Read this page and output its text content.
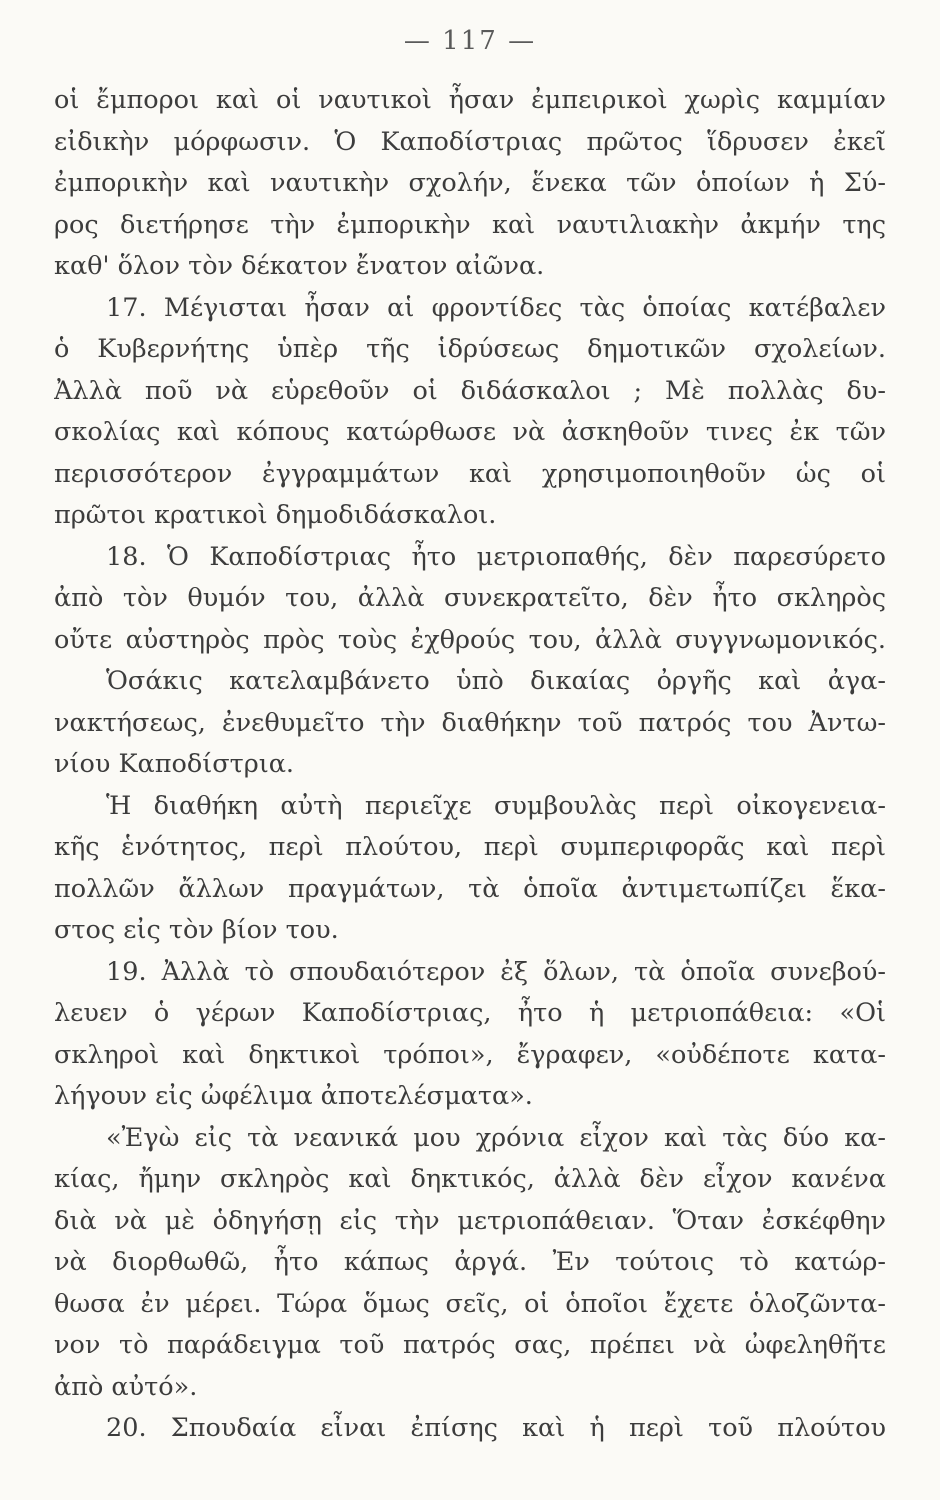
— 117 —
οἱ ἔμποροι καὶ οἱ ναυτικοὶ ἦσαν ἐμπειρικοὶ χωρὶς καμμίαν
εἰδικὴν μόρφωσιν. Ὁ Καποδίστριας πρῶτος ἵδρυσεν ἐκεῖ
ἐμπορικὴν καὶ ναυτικὴν σχολήν, ἕνεκα τῶν ὁποίων ἡ Σύ-
ρος διετήρησε τὴν ἐμπορικὴν καὶ ναυτιλιακὴν ἀκμήν της
καθ' ὅλον τὸν δέκατον ἔνατον αἰῶνα.
17. Μέγισται ἦσαν αἱ φροντίδες τὰς ὁποίας κατέβαλεν
ὁ Κυβερνήτης ὑπὲρ τῆς ἱδρύσεως δημοτικῶν σχολείων.
Ἀλλὰ ποῦ νὰ εὑρεθοῦν οἱ διδάσκαλοι ; Μὲ πολλὰς δυ-
σκολίας καὶ κόπους κατώρθωσε νὰ ἀσκηθοῦν τινες ἐκ τῶν
περισσότερον ἐγγραμμάτων καὶ χρησιμοποιηθοῦν ὡς οἱ
πρῶτοι κρατικοὶ δημοδιδάσκαλοι.
18. Ὁ Καποδίστριας ἦτο μετριοπαθής, δὲν παρεσύρετο
ἀπὸ τὸν θυμόν του, ἀλλὰ συνεκρατεῖτο, δὲν ἦτο σκληρὸς
οὔτε αὐστηρὸς πρὸς τοὺς ἐχθρούς του, ἀλλὰ συγγνωμονικός.
Ὁσάκις κατελαμβάνετο ὑπὸ δικαίας ὀργῆς καὶ ἀγα-
νακτήσεως, ἐνεθυμεῖτο τὴν διαθήκην τοῦ πατρός του Ἀντω-
νίου Καποδίστρια.
Ἡ διαθήκη αὐτὴ περιεῖχε συμβουλὰς περὶ οἰκογενεια-
κῆς ἑνότητος, περὶ πλούτου, περὶ συμπεριφορᾶς καὶ περὶ
πολλῶν ἄλλων πραγμάτων, τὰ ὁποῖα ἀντιμετωπίζει ἕκα-
στος εἰς τὸν βίον του.
19. Ἀλλὰ τὸ σπουδαιότερον ἐξ ὅλων, τὰ ὁποῖα συνεβού-
λευεν ὁ γέρων Καποδίστριας, ἦτο ἡ μετριοπάθεια: «Οἱ
σκληροὶ καὶ δηκτικοὶ τρόποι», ἔγραφεν, «οὐδέποτε κατα-
λήγουν εἰς ὠφέλιμα ἀποτελέσματα».
«Ἐγὼ εἰς τὰ νεανικά μου χρόνια εἶχον καὶ τὰς δύο κα-
κίας, ἤμην σκληρὸς καὶ δηκτικός, ἀλλὰ δὲν εἶχον κανένα
διὰ νὰ μὲ ὁδηγήσῃ εἰς τὴν μετριοπάθειαν. Ὅταν ἐσκέφθην
νὰ διορθωθῶ, ἦτο κάπως ἀργά. Ἐν τούτοις τὸ κατώρ-
θωσα ἐν μέρει. Τώρα ὅμως σεῖς, οἱ ὁποῖοι ἔχετε ὁλοζῶντα-
νον τὸ παράδειγμα τοῦ πατρός σας, πρέπει νὰ ὠφεληθῆτε
ἀπὸ αὐτό».
20. Σπουδαία εἶναι ἐπίσης καὶ ἡ περὶ τοῦ πλούτου
